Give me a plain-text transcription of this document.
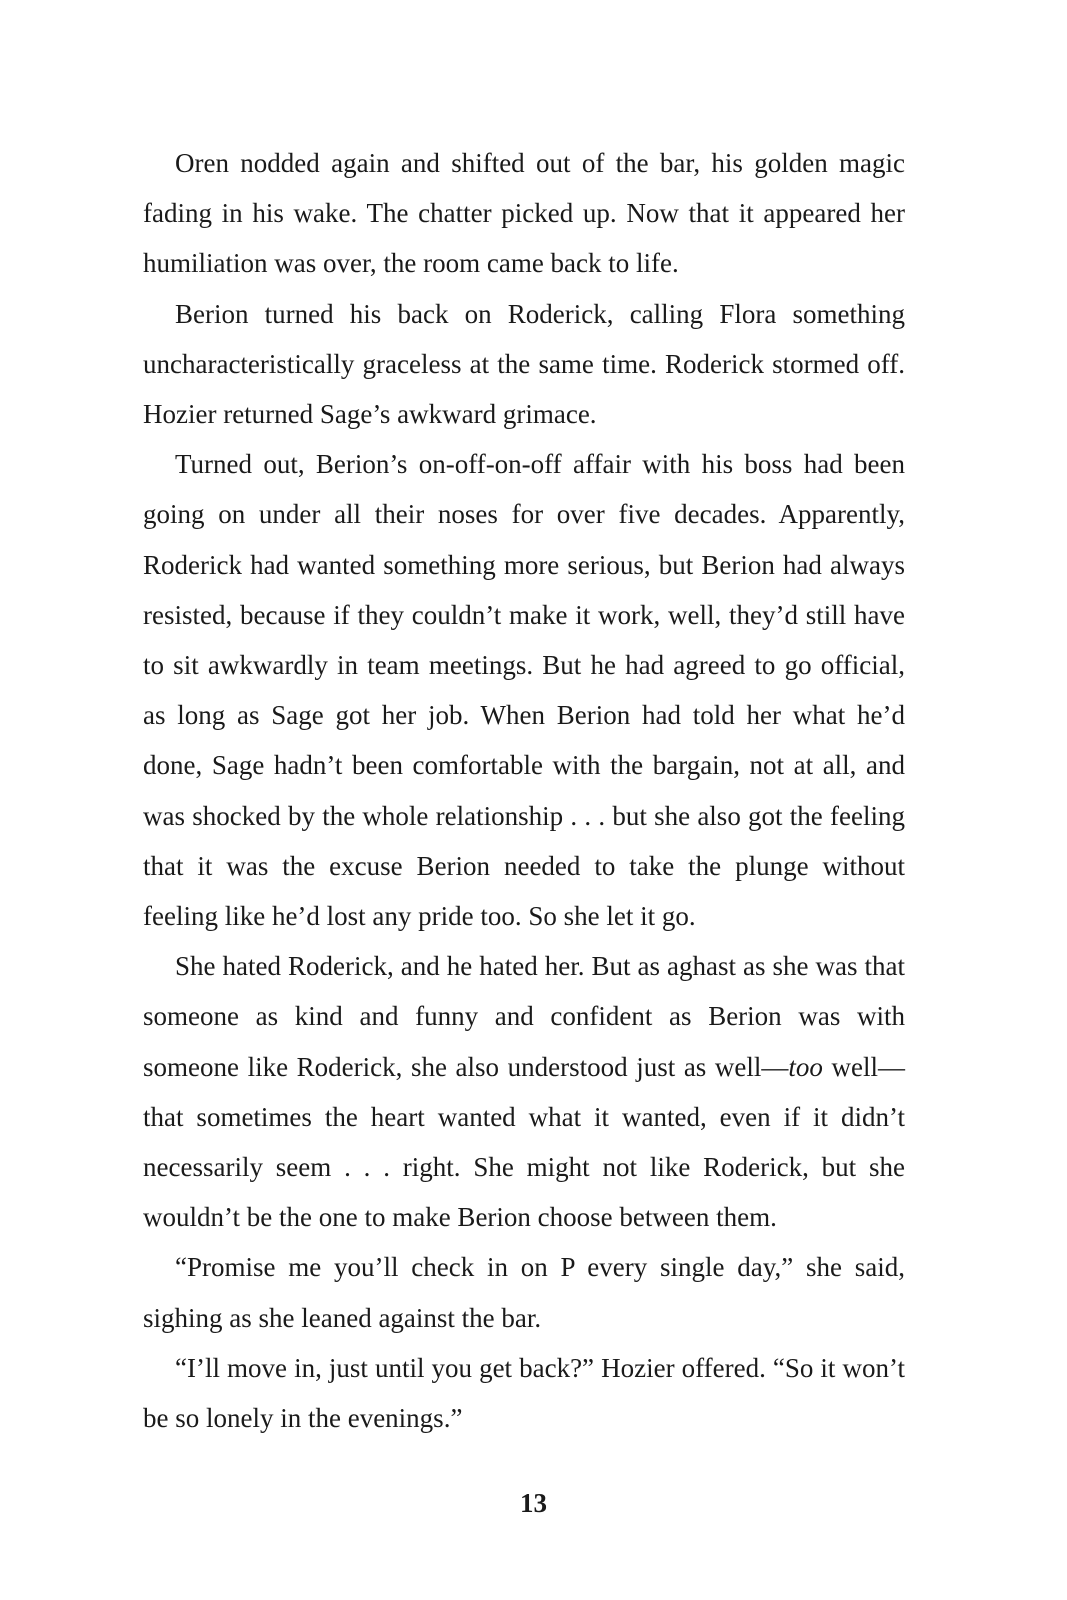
Oren nodded again and shifted out of the bar, his golden magic fading in his wake. The chatter picked up. Now that it appeared her humiliation was over, the room came back to life.

Berion turned his back on Roderick, calling Flora something uncharacteristically graceless at the same time. Roderick stormed off. Hozier returned Sage’s awkward grimace.

Turned out, Berion’s on-off-on-off affair with his boss had been going on under all their noses for over five decades. Apparently, Roderick had wanted something more serious, but Berion had always resisted, because if they couldn’t make it work, well, they’d still have to sit awkwardly in team meetings. But he had agreed to go official, as long as Sage got her job. When Berion had told her what he’d done, Sage hadn’t been comfortable with the bargain, not at all, and was shocked by the whole relationship . . . but she also got the feeling that it was the excuse Berion needed to take the plunge without feeling like he’d lost any pride too. So she let it go.

She hated Roderick, and he hated her. But as aghast as she was that someone as kind and funny and confident as Berion was with someone like Roderick, she also understood just as well—too well—that sometimes the heart wanted what it wanted, even if it didn’t necessarily seem . . . right. She might not like Roderick, but she wouldn’t be the one to make Berion choose between them.

“Promise me you’ll check in on P every single day,” she said, sighing as she leaned against the bar.

“I’ll move in, just until you get back?” Hozier offered. “So it won’t be so lonely in the evenings.”

13
